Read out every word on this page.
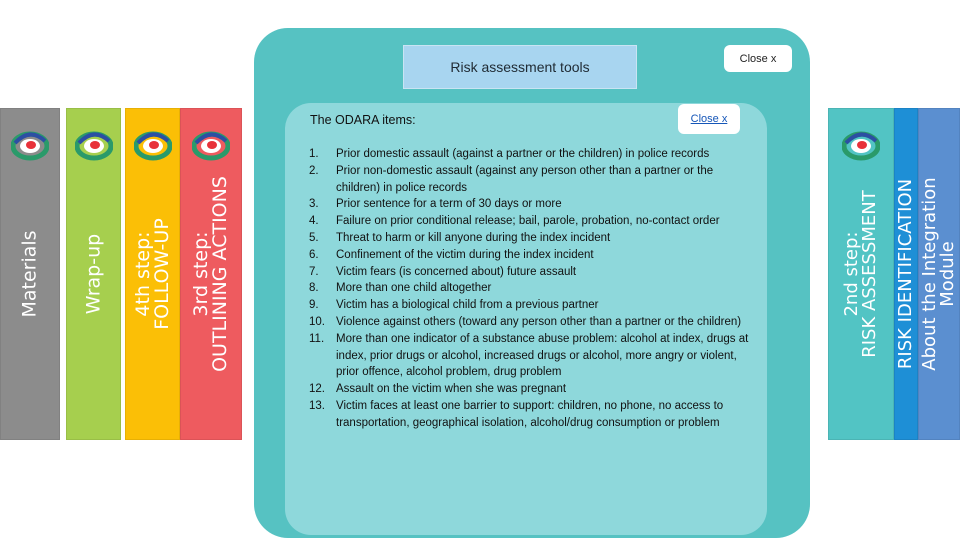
Materials Wrap-up 4th step:
FOLLOW-UP 3rd step:
OUTLINING ACTIONS
2nd step:
RISK ASSESSMENT RISK IDENTIFICATION About the Integration
Module
Risk assessment tools
Close x
Close x
The ODARA items:
1.	Prior domestic assault (against a partner or the children) in police records
2.	Prior non-domestic assault (against any person other than a partner or the children) in police records
3.	Prior sentence for a term of 30 days or more
4.	Failure on prior conditional release; bail, parole, probation, no-contact order
5.	Threat to harm or kill anyone during the index incident
6.	Confinement of the victim during the index incident
7.	Victim fears (is concerned about) future assault
8.	More than one child altogether
9.	Victim has a biological child from a previous partner
10. Violence against others (toward any person other than a partner or the children)
11.	More than one indicator of a substance abuse problem: alcohol at index, drugs at index, prior drugs or alcohol, increased drugs or alcohol, more angry or violent, prior offence, alcohol problem, drug problem
12. Assault on the victim when she was pregnant
13. Victim faces at least one barrier to support: children, no phone, no access to transportation, geographical isolation, alcohol/drug consumption or problem
